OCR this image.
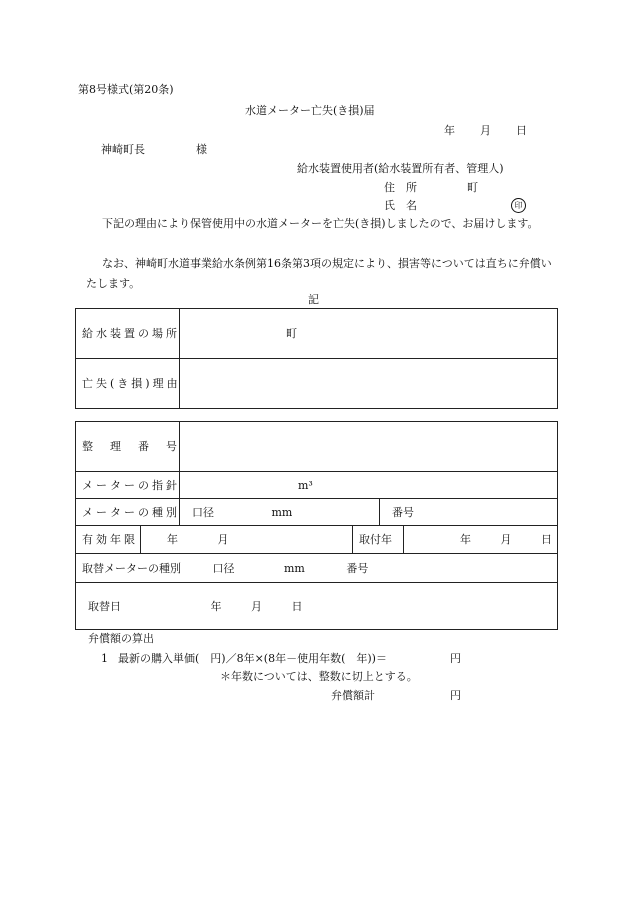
第8号様式(第20条)
水道メーター亡失(き損)届
年 月 日
神崎町長	様
給水装置使用者(給水装置所有者、管理人)
住　所	町
氏　名	印
下記の理由により保管使用中の水道メーターを亡失(き損)しましたので、お届けします。
なお、神崎町水道事業給水条例第16条第3項の規定により、損害等については直ちに弁償いたします。
記
給水装置の場所	町
亡失(き損)理由	
整　理　番　号				
メーターの指針		m³		
メーターの種別		口径 mm		番号
有効年限	年 月		取付年 年 月 日	

取替メーターの種別 口径 mm 番号				
取替日 年 月 日				
弁償額の算出
1 最新の購入単価(　円)／8年×(8年－使用年数(　年))＝	円
＊年数については、整数に切上とする。
弁償額計	円
